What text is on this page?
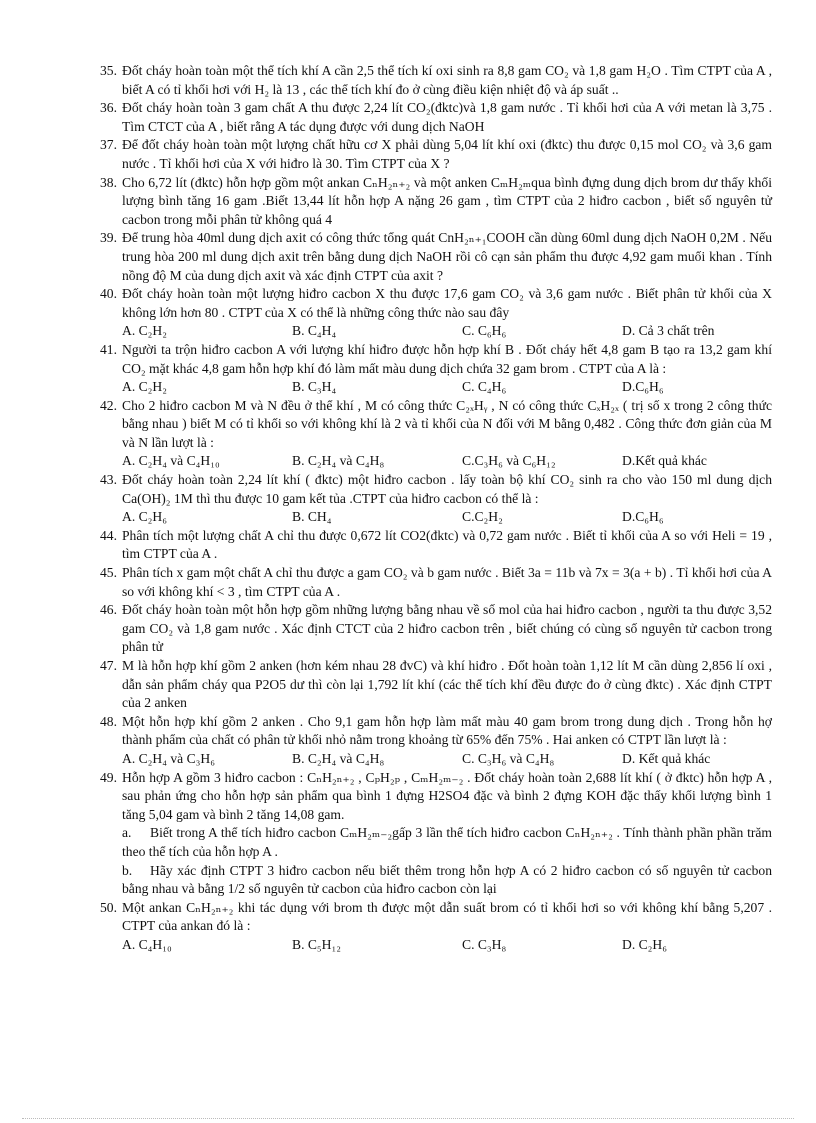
35. Đốt cháy hoàn toàn một thể tích khí A cần 2,5 thể tích kí oxi sinh ra 8,8 gam CO₂ và 1,8 gam H₂O . Tìm CTPT của A , biết A có tỉ khối hơi với H₂ là 13 , các thể tích khí đo ở cùng điều kiện nhiệt độ và áp suất ..
36. Đốt cháy hoàn toàn 3 gam chất A thu được 2,24 lít CO₂(đktc)và 1,8 gam nước . Tỉ khối hơi của A với metan là 3,75 . Tìm CTCT của A , biết rằng A tác dụng được với dung dịch NaOH
37. Để đốt cháy hoàn toàn một lượng chất hữu cơ X phải dùng 5,04 lít khí oxi (đktc) thu được 0,15 mol CO₂ và 3,6 gam nước . Tỉ khối hơi của X với hiđro là 30. Tìm CTPT của X ?
38. Cho 6,72 lít (đktc) hỗn hợp gồm một ankan CₙH₂ₙ₊₂ và một anken CₘH₂ₘqua bình đựng dung dịch brom dư thấy khối lượng bình tăng 16 gam .Biết 13,44 lít hỗn hợp A nặng 26 gam , tìm CTPT của 2 hiđro cacbon , biết số nguyên tử cacbon trong mỗi phân tử không quá 4
39. Để trung hòa 40ml dung dịch axit có công thức tổng quát CnH₂ₙ₊₁COOH cần dùng 60ml dung dịch NaOH 0,2M . Nếu trung hòa 200 ml dung dịch axit trên bằng dung dịch NaOH rồi cô cạn sản phẩm thu được 4,92 gam muối khan . Tính nồng độ M của dung dịch axit và xác định CTPT của axit ?
40. Đốt cháy hoàn toàn một lượng hiđro cacbon X thu được 17,6 gam CO₂ và 3,6 gam nước . Biết phân tử khối của X không lớn hơn 80 . CTPT của X có thể là những công thức nào sau đây
A. C₂H₂	B. C₄H₄	C. C₆H₆	D. Cả 3 chất trên
41. Người ta trộn hiđro cacbon A với lượng khí hiđro được hỗn hợp khí B . Đốt cháy hết 4,8 gam B tạo ra 13,2 gam khí CO₂ mặt khác 4,8 gam hỗn hợp khí đó làm mất màu dung dịch chứa 32 gam brom . CTPT của A là :
A. C₂H₂	B. C₃H₄	C. C₄H₆	D.C₆H₆
42. Cho 2 hiđro cacbon M và N đều ở thể khí , M có công thức C₂ₓHᵧ , N có công thức CₓH₂ₓ ( trị số x trong 2 công thức bằng nhau ) biết M có tỉ khối so với không khí là 2 và tỉ khối của N đối với M bằng 0,482 . Công thức đơn giản của M và N lần lượt là :
A. C₂H₄ và C₄H₁₀	B. C₂H₄ và C₄H₈	C.C₃H₆ và C₆H₁₂	D.Kết quả khác
43. Đốt cháy hoàn toàn 2,24 lít khí ( đktc) một hiđro cacbon . lấy toàn bộ khí CO₂ sinh ra cho vào 150 ml dung dịch Ca(OH)₂ 1M thì thu được 10 gam kết tủa .CTPT của hiđro cacbon có thể là :
A. C₂H₆	B. CH₄	C.C₂H₂	D.C₆H₆
44. Phân tích một lượng chất A chỉ thu được 0,672 lít CO2(đktc) và 0,72 gam nước . Biết tỉ khối của A so với Heli = 19 , tìm CTPT của A .
45. Phân tích x gam một chất A chỉ thu được a gam CO₂ và b gam nước . Biết 3a = 11b và 7x = 3(a + b) . Tỉ khối hơi của A so với không khí < 3 , tìm CTPT của A .
46. Đốt cháy hoàn toàn một hỗn hợp gồm những lượng bằng nhau về số mol của hai hiđro cacbon , người ta thu được 3,52 gam CO₂ và 1,8 gam nước . Xác định CTCT của 2 hiđro cacbon trên , biết chúng có cùng số nguyên tử cacbon trong phân tử
47. M là hỗn hợp khí gồm 2 anken (hơn kém nhau 28 đvC) và khí hiđro . Đốt hoàn toàn 1,12 lít M cần dùng 2,856 lí oxi , dẫn sản phẩm cháy qua P2O5 dư thì còn lại 1,792 lít khí (các thể tích khí đều được đo ở cùng đktc) . Xác định CTPT của 2 anken
48. Một hỗn hợp khí gồm 2 anken . Cho 9,1 gam hỗn hợp làm mất màu 40 gam brom trong dung dịch . Trong hỗn hợ thành phẩm của chất có phân tử khối nhỏ nằm trong khoảng từ 65% đến 75% . Hai anken có CTPT lần lượt là :
A. C₂H₄ và C₃H₆	B. C₂H₄ và C₄H₈	C. C₃H₆ và C₄H₈	D. Kết quả khác
49. Hỗn hợp A gồm 3 hiđro cacbon : CₙH₂ₙ₊₂ , CₚH₂ₚ , CₘH₂ₘ₋₂ . Đốt cháy hoàn toàn 2,688 lít khí ( ở đktc) hỗn hợp A , sau phản ứng cho hỗn hợp sản phẩm qua bình 1 đựng H2SO4 đặc và bình 2 đựng KOH đặc thấy khối lượng bình 1 tăng 5,04 gam và bình 2 tăng 14,08 gam.
a. Biết trong A thể tích hiđro cacbon CₘH₂ₘ₋₂gấp 3 lần thể tích hiđro cacbon CₙH₂ₙ₊₂ . Tính thành phần phần trăm theo thể tích của hỗn hợp A .
b. Hãy xác định CTPT 3 hiđro cacbon nếu biết thêm trong hỗn hợp A có 2 hiđro cacbon có số nguyên tử cacbon bằng nhau và bằng 1/2 số nguyên tử cacbon của hiđro cacbon còn lại
50. Một ankan CₙH₂ₙ₊₂ khi tác dụng với brom th được một dẫn suất brom có tỉ khối hơi so với không khí bằng 5,207 . CTPT của ankan đó là :
A. C₄H₁₀	B. C₅H₁₂	C. C₃H₈	D. C₂H₆
